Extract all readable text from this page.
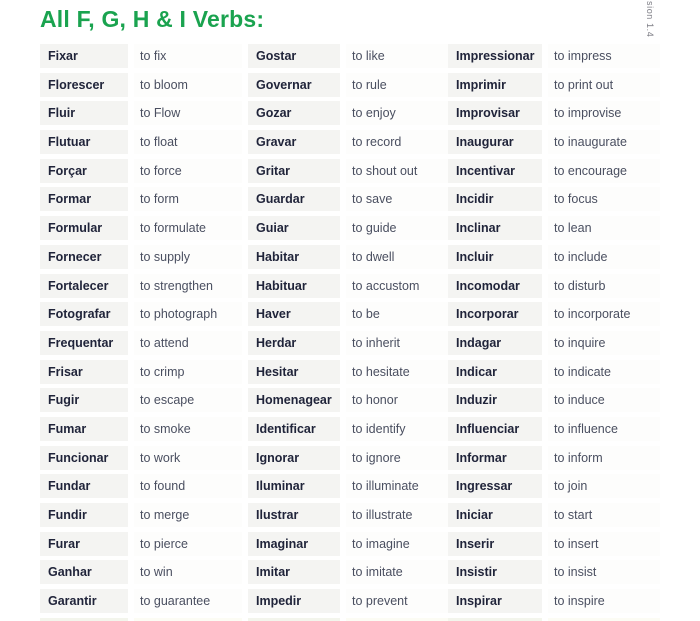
All F, G, H & I Verbs:	sion 1.4
Fixar	to fix
Florescer	to bloom
Fluir	to Flow
Flutuar	to float
Forçar	to force
Formar	to form
Formular	to formulate
Fornecer	to supply
Fortalecer	to strengthen
Fotografar	to photograph
Frequentar	to attend
Frisar	to crimp
Fugir	to escape
Fumar	to smoke
Funcionar	to work
Fundar	to found
Fundir	to merge
Furar	to pierce
Ganhar	to win
Garantir	to guarantee
Gostar	to like
Governar	to rule
Gozar	to enjoy
Gravar	to record
Gritar	to shout out
Guardar	to save
Guiar	to guide
Habitar	to dwell
Habituar	to accustom
Haver	to be
Herdar	to inherit
Hesitar	to hesitate
Homenagear	to honor
Identificar	to identify
Ignorar	to ignore
Iluminar	to illuminate
Ilustrar	to illustrate
Imaginar	to imagine
Imitar	to imitate
Impedir	to prevent
Impressionar	to impress
Imprimir	to print out
Improvisar	to improvise
Inaugurar	to inaugurate
Incentivar	to encourage
Incidir	to focus
Inclinar	to lean
Incluir	to include
Incomodar	to disturb
Incorporar	to incorporate
Indagar	to inquire
Indicar	to indicate
Induzir	to induce
Influenciar	to influence
Informar	to inform
Ingressar	to join
Iniciar	to start
Inserir	to insert
Insistir	to insist
Inspirar	to inspire
